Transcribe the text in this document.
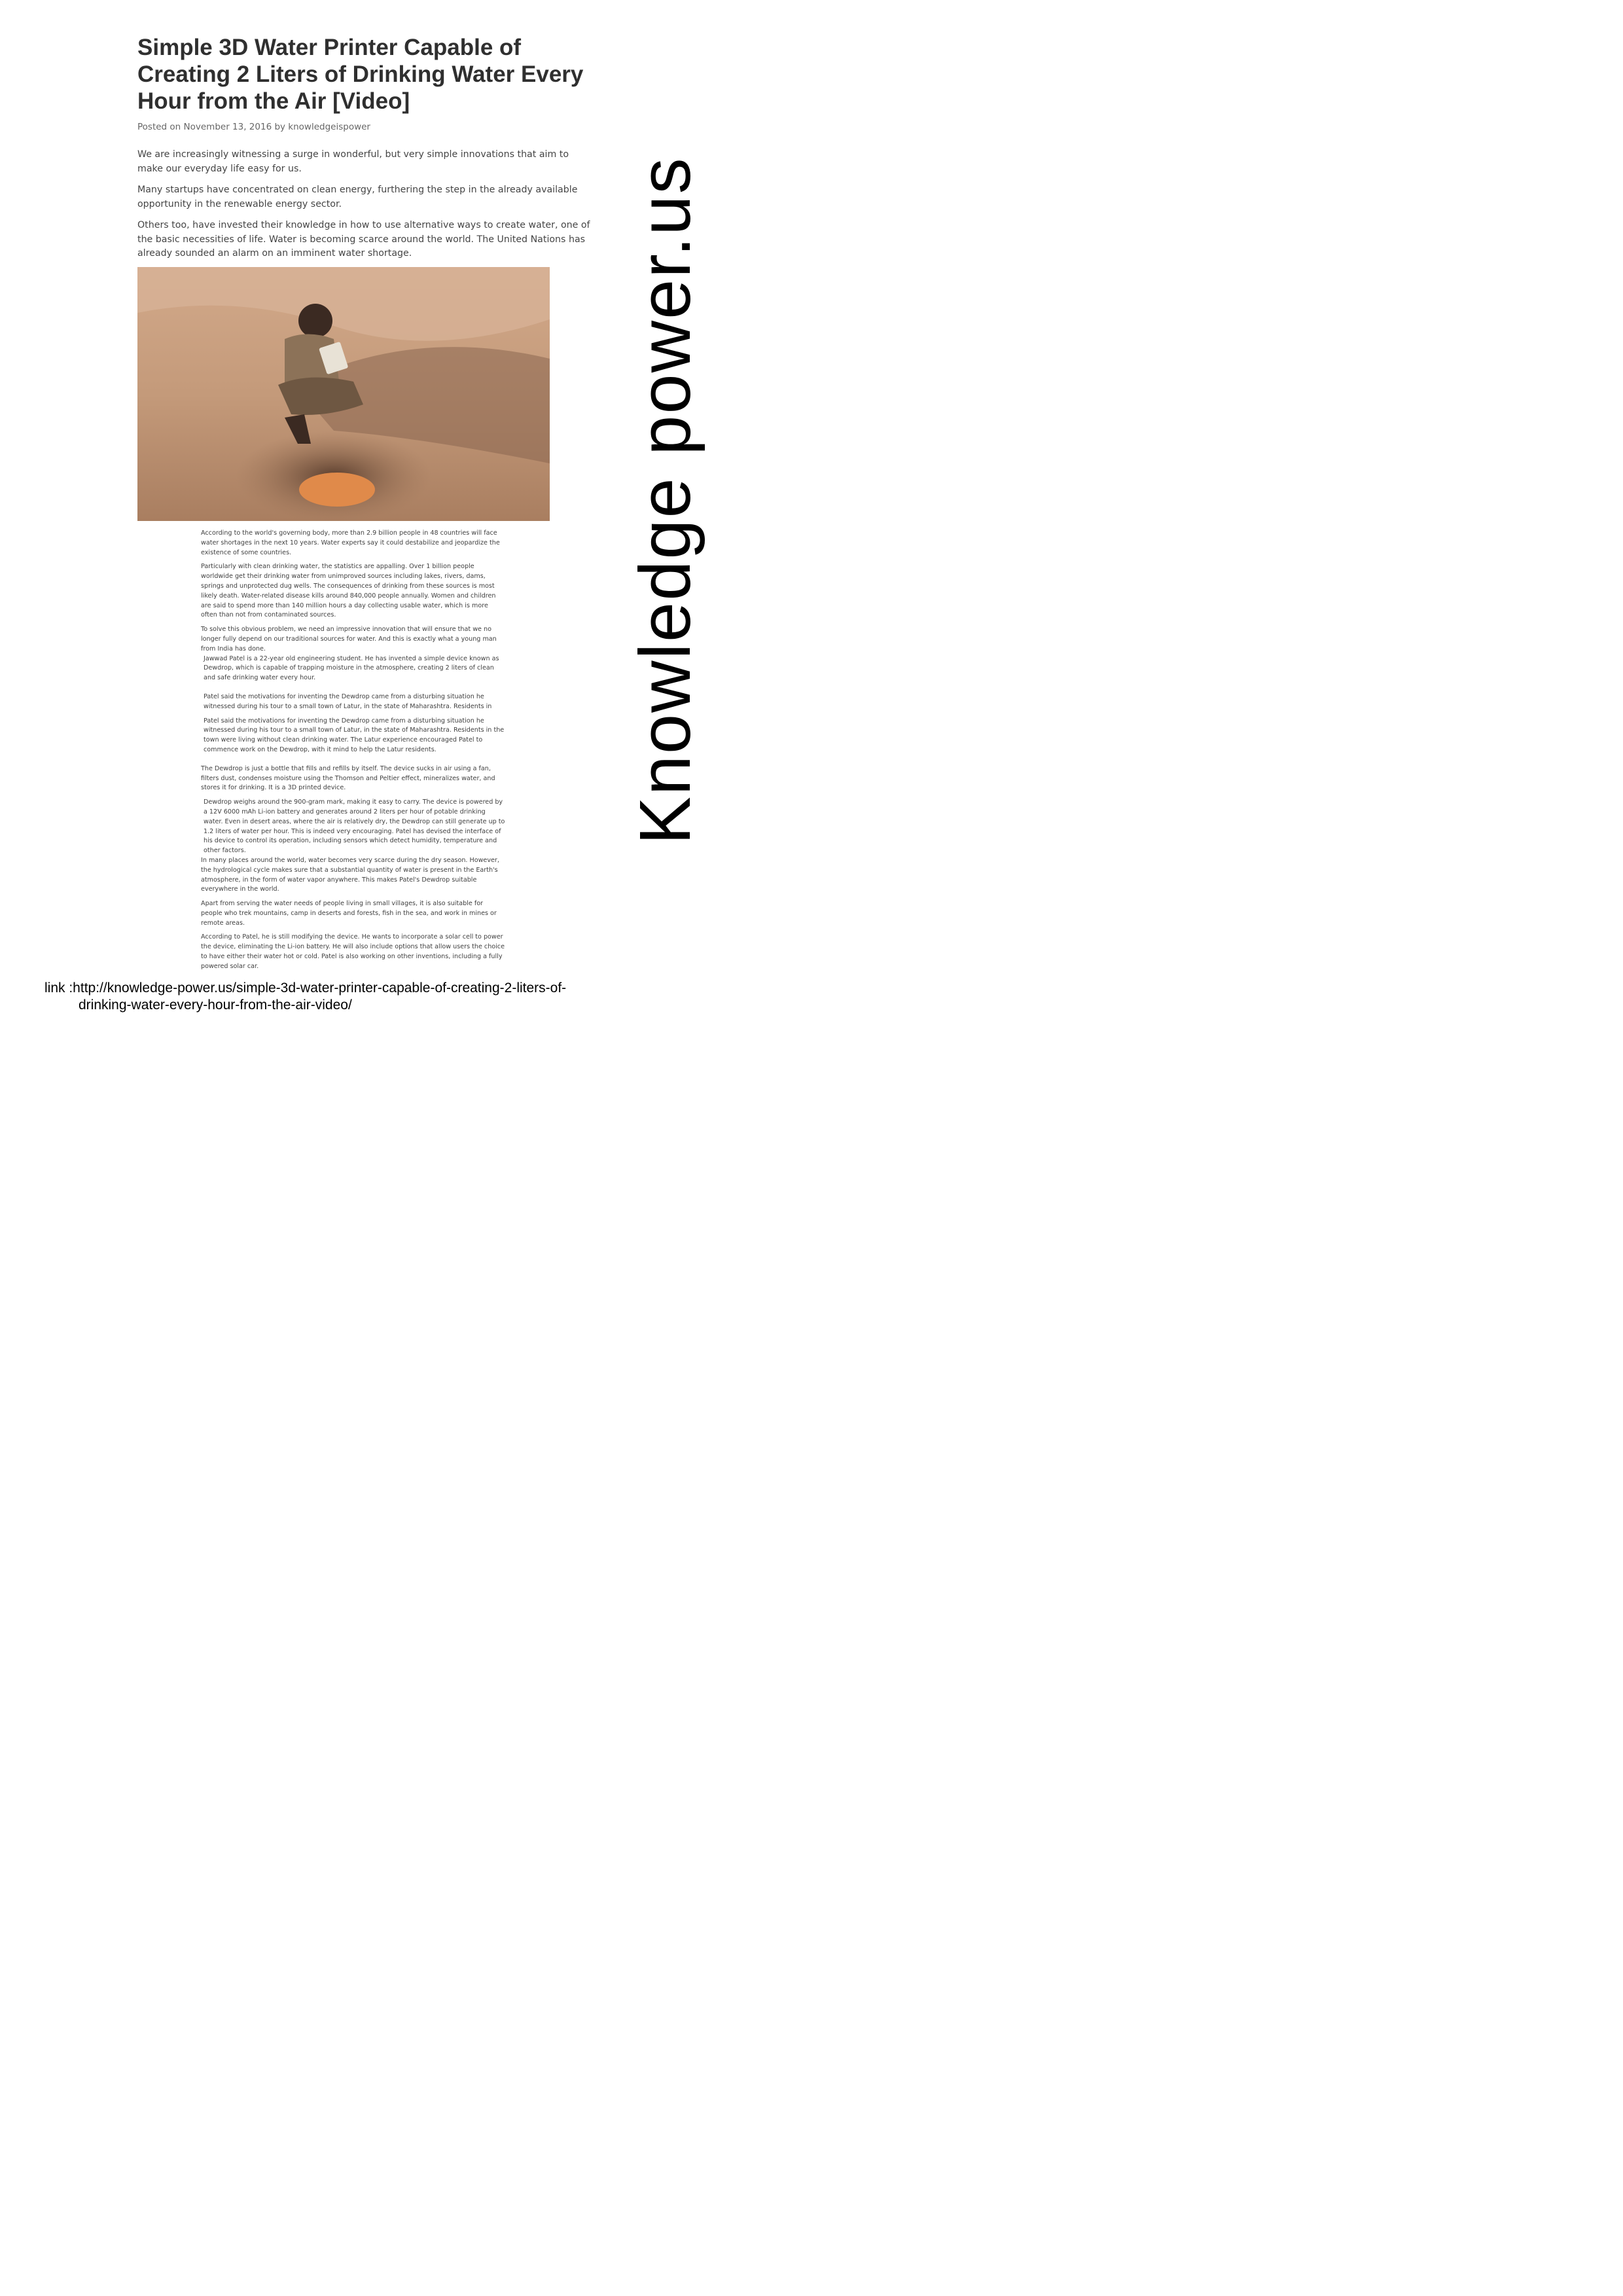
Simple 3D Water Printer Capable of Creating 2 Liters of Drinking Water Every Hour from the Air [Video]
Posted on November 13, 2016 by knowledgeispower

We are increasingly witnessing a surge in wonderful, but very simple innovations that aim to make our everyday life easy for us.

Many startups have concentrated on clean energy, furthering the step in the already available opportunity in the renewable energy sector.

Others too, have invested their knowledge in how to use alternative ways to create water, one of the basic necessities of life. Water is becoming scarce around the world. The United Nations has already sounded an alarm on an imminent water shortage.

According to the world's governing body, more than 2.9 billion people in 48 countries will face water shortages in the next 10 years. Water experts say it could destabilize and jeopardize the existence of some countries.

Particularly with clean drinking water, the statistics are appalling. Over 1 billion people worldwide get their drinking water from unimproved sources including lakes, rivers, dams, springs and unprotected dug wells. The consequences of drinking from these sources is most likely death. Water-related disease kills around 840,000 people annually. Women and children are said to spend more than 140 million hours a day collecting usable water, which is more often than not from contaminated sources.

To solve this obvious problem, we need an impressive innovation that will ensure that we no longer fully depend on our traditional sources for water. And this is exactly what a young man from India has done.

Jawwad Patel is a 22-year old engineering student. He has invented a simple device known as Dewdrop, which is capable of trapping moisture in the atmosphere, creating 2 liters of clean and safe drinking water every hour.

Patel said the motivations for inventing the Dewdrop came from a disturbing situation he witnessed during his tour to a small town of Latur, in the state of Maharashtra. Residents in

Patel said the motivations for inventing the Dewdrop came from a disturbing situation he witnessed during his tour to a small town of Latur, in the state of Maharashtra. Residents in the town were living without clean drinking water. The Latur experience encouraged Patel to commence work on the Dewdrop, with it mind to help the Latur residents.

The Dewdrop is just a bottle that fills and refills by itself. The device sucks in air using a fan, filters dust, condenses moisture using the Thomson and Peltier effect, mineralizes water, and stores it for drinking. It is a 3D printed device.

Dewdrop weighs around the 900-gram mark, making it easy to carry. The device is powered by a 12V 6000 mAh Li-ion battery and generates around 2 liters per hour of potable drinking water. Even in desert areas, where the air is relatively dry, the Dewdrop can still generate up to 1.2 liters of water per hour. This is indeed very encouraging. Patel has devised the interface of his device to control its operation, including sensors which detect humidity, temperature and other factors.

In many places around the world, water becomes very scarce during the dry season. However, the hydrological cycle makes sure that a substantial quantity of water is present in the Earth's atmosphere, in the form of water vapor anywhere. This makes Patel's Dewdrop suitable everywhere in the world.

Apart from serving the water needs of people living in small villages, it is also suitable for people who trek mountains, camp in deserts and forests, fish in the sea, and work in mines or remote areas.

According to Patel, he is still modifying the device. He wants to incorporate a solar cell to power the device, eliminating the Li-ion battery. He will also include options that allow users the choice to have either their water hot or cold. Patel is also working on other inventions, including a fully powered solar car.

Knowledge power.us
link :http://knowledge-power.us/simple-3d-water-printer-capable-of-creating-2-liters-of-
drinking-water-every-hour-from-the-air-video/
